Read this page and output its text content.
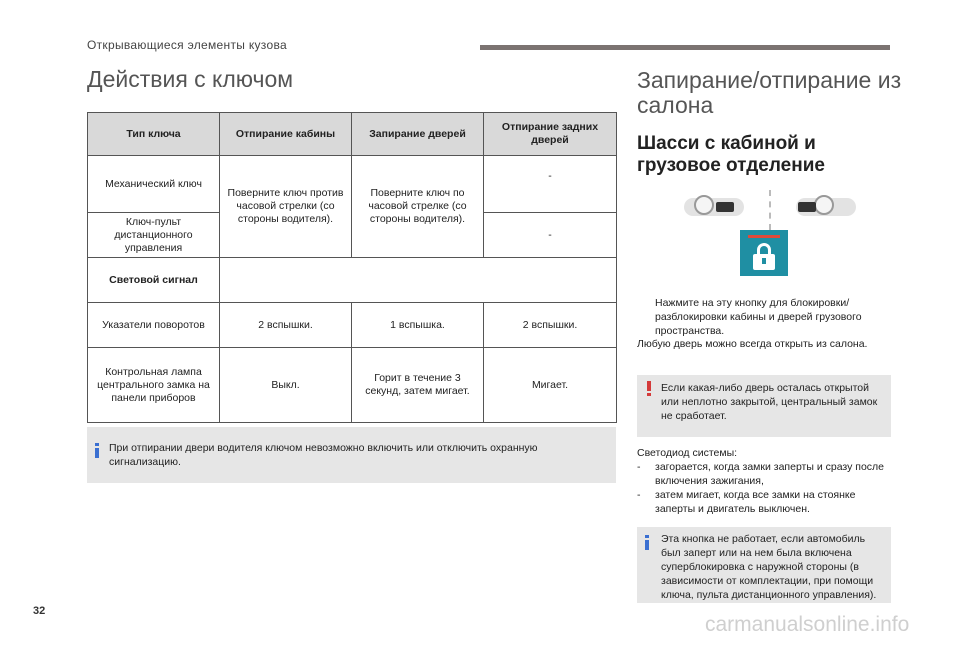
Открывающиеся элементы кузова
Действия с ключом
Тип ключа	Отпирание кабины	Запирание дверей	Отпирание задних дверей
Механический ключ	Поверните ключ против часовой стрелки (со стороны водителя).	Поверните ключ по часовой стрелке (со стороны водителя).	-
Ключ-пульт дистанционного управления			-
Световой сигнал			
Указатели поворотов	2 вспышки.	1 вспышка.	2 вспышки.
Контрольная лампа центрального замка на панели приборов	Выкл.	Горит в течение 3 секунд, затем мигает.	Мигает.
При отпирании двери водителя ключом невозможно включить или отключить охранную сигнализацию.
Запирание/отпирание из салона
Шасси с кабиной и грузовое отделение
Нажмите на эту кнопку для блокировки/разблокировки кабины и дверей грузового пространства.
Любую дверь можно всегда открыть из салона.
Если какая-либо дверь осталась открытой или неплотно закрытой, центральный замок не сработает.
Светодиод системы:
- загорается, когда замки заперты и сразу после включения зажигания,
- затем мигает, когда все замки на стоянке заперты и двигатель выключен.
Эта кнопка не работает, если автомобиль был заперт или на нем была включена суперблокировка с наружной стороны (в зависимости от комплектации, при помощи ключа, пульта дистанционного управления).
32
carmanualsonline.info
